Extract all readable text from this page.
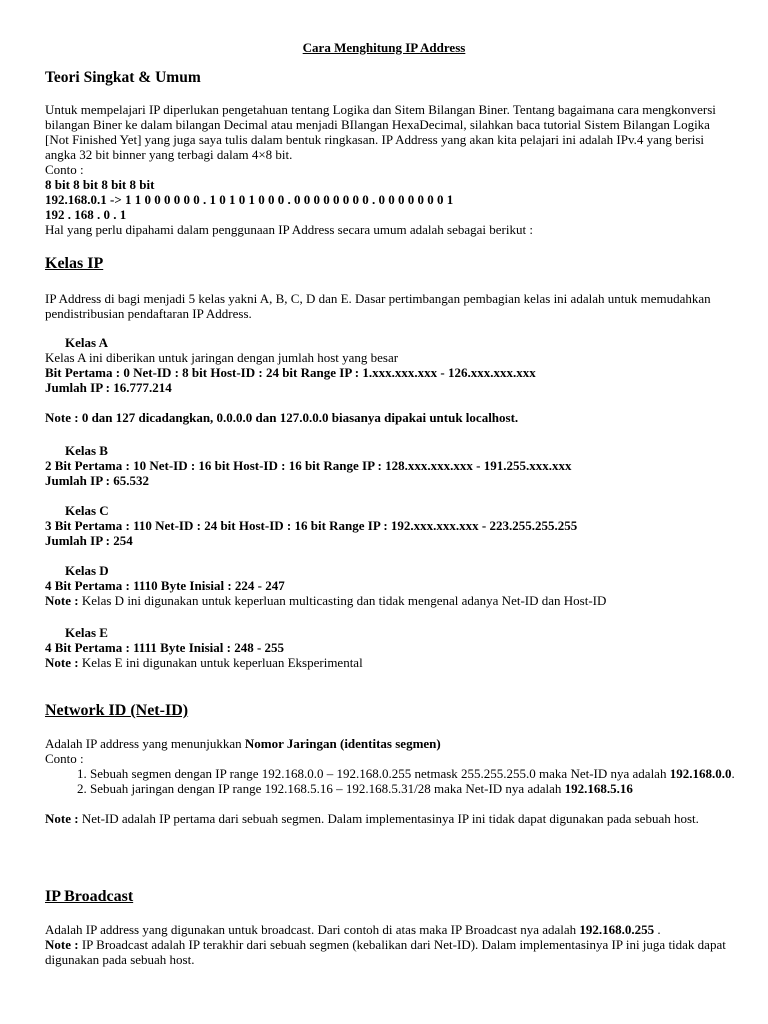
Cara Menghitung IP Address
Teori Singkat & Umum
Untuk mempelajari IP diperlukan pengetahuan tentang Logika dan Sitem Bilangan Biner. Tentang bagaimana cara mengkonversi bilangan Biner ke dalam bilangan Decimal atau menjadi BIlangan HexaDecimal, silahkan baca tutorial Sistem Bilangan Logika [Not Finished Yet] yang juga saya tulis dalam bentuk ringkasan. IP Address yang akan kita pelajari ini adalah IPv.4 yang berisi angka 32 bit binner yang terbagi dalam 4×8 bit.
Conto :
8 bit 8 bit 8 bit 8 bit
192.168.0.1 -> 1 1 0 0 0 0 0 0 . 1 0 1 0 1 0 0 0 . 0 0 0 0 0 0 0 0 . 0 0 0 0 0 0 0 1
192 . 168 . 0 . 1
Hal yang perlu dipahami dalam penggunaan IP Address secara umum adalah sebagai berikut :
Kelas IP
IP Address di bagi menjadi 5 kelas yakni A, B, C, D dan E. Dasar pertimbangan pembagian kelas ini adalah untuk memudahkan pendistribusian pendaftaran IP Address.
Kelas A
Kelas A ini diberikan untuk jaringan dengan jumlah host yang besar
Bit Pertama : 0 Net-ID : 8 bit Host-ID : 24 bit Range IP : 1.xxx.xxx.xxx - 126.xxx.xxx.xxx
Jumlah IP : 16.777.214
Note : 0 dan 127 dicadangkan, 0.0.0.0 dan 127.0.0.0 biasanya dipakai untuk localhost.
Kelas B
2 Bit Pertama : 10 Net-ID : 16 bit Host-ID : 16 bit Range IP : 128.xxx.xxx.xxx - 191.255.xxx.xxx
Jumlah IP : 65.532
Kelas C
3 Bit Pertama : 110 Net-ID : 24 bit Host-ID : 16 bit Range IP : 192.xxx.xxx.xxx - 223.255.255.255
Jumlah IP : 254
Kelas D
4 Bit Pertama : 1110 Byte Inisial : 224 - 247
Note : Kelas D ini digunakan untuk keperluan multicasting dan tidak mengenal adanya Net-ID dan Host-ID
Kelas E
4 Bit Pertama : 1111 Byte Inisial : 248 - 255
Note : Kelas E ini digunakan untuk keperluan Eksperimental
Network ID (Net-ID)
Adalah IP address yang menunjukkan Nomor Jaringan (identitas segmen)
Conto :
1. Sebuah segmen dengan IP range 192.168.0.0 – 192.168.0.255 netmask 255.255.255.0 maka Net-ID nya adalah 192.168.0.0.
2. Sebuah jaringan dengan IP range 192.168.5.16 – 192.168.5.31/28 maka Net-ID nya adalah 192.168.5.16
Note : Net-ID adalah IP pertama dari sebuah segmen. Dalam implementasinya IP ini tidak dapat digunakan pada sebuah host.
IP Broadcast
Adalah IP address yang digunakan untuk broadcast. Dari contoh di atas maka IP Broadcast nya adalah 192.168.0.255 .
Note : IP Broadcast adalah IP terakhir dari sebuah segmen (kebalikan dari Net-ID). Dalam implementasinya IP ini juga tidak dapat digunakan pada sebuah host.
